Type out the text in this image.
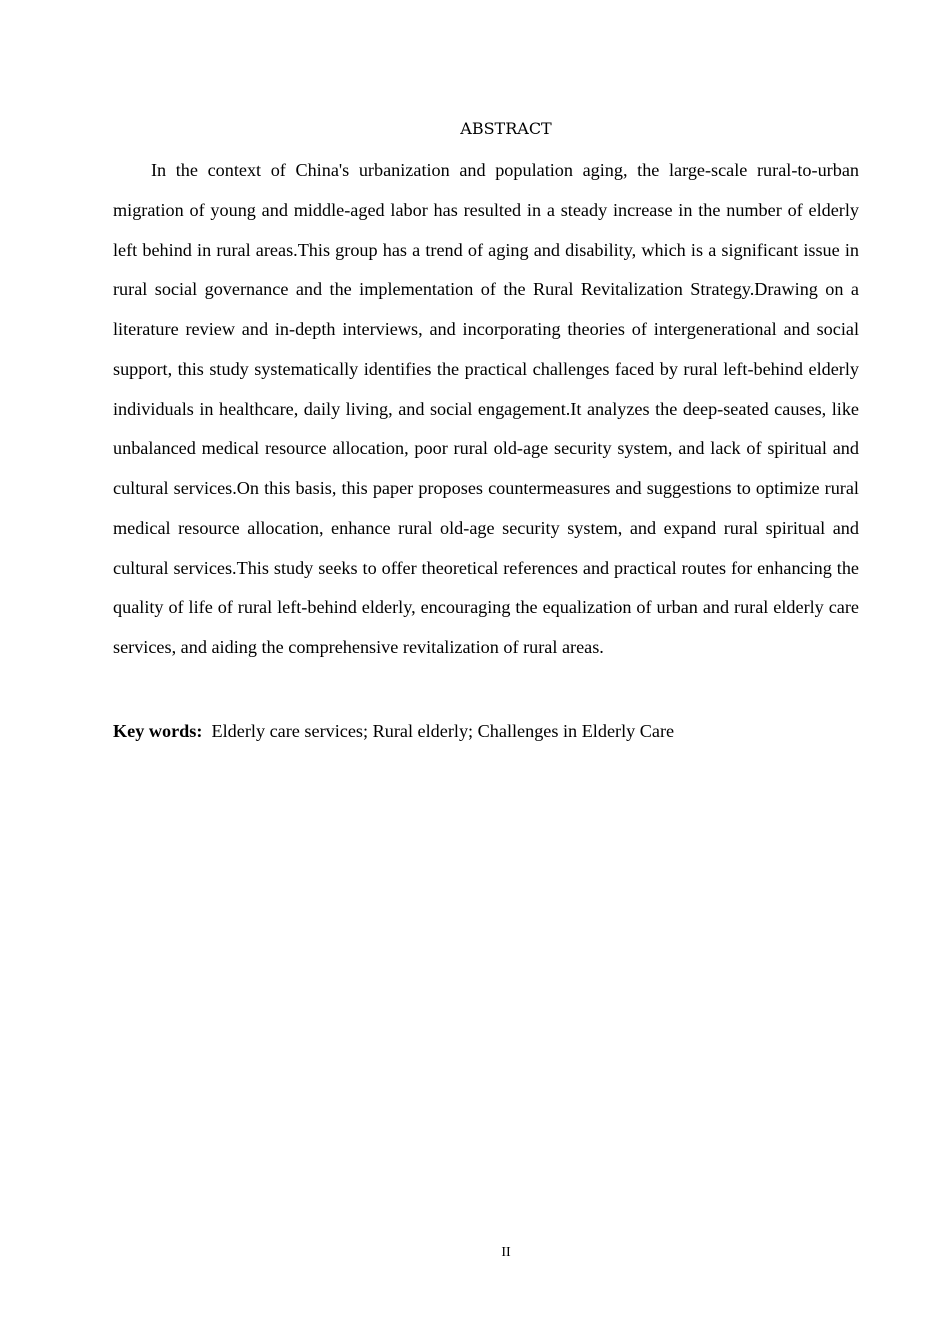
ABSTRACT

In the context of China's urbanization and population aging, the large-scale rural-to-urban migration of young and middle-aged labor has resulted in a steady increase in the number of elderly left behind in rural areas.This group has a trend of aging and disability, which is a significant issue in rural social governance and the implementation of the Rural Revitalization Strategy.Drawing on a literature review and in-depth interviews, and incorporating theories of intergenerational and social support, this study systematically identifies the practical challenges faced by rural left-behind elderly individuals in healthcare, daily living, and social engagement.It analyzes the deep-seated causes, like unbalanced medical resource allocation, poor rural old-age security system, and lack of spiritual and cultural services.On this basis, this paper proposes countermeasures and suggestions to optimize rural medical resource allocation, enhance rural old-age security system, and expand rural spiritual and cultural services.This study seeks to offer theoretical references and practical routes for enhancing the quality of life of rural left-behind elderly, encouraging the equalization of urban and rural elderly care services, and aiding the comprehensive revitalization of rural areas.

Key words: Elderly care services; Rural elderly; Challenges in Elderly Care

II
